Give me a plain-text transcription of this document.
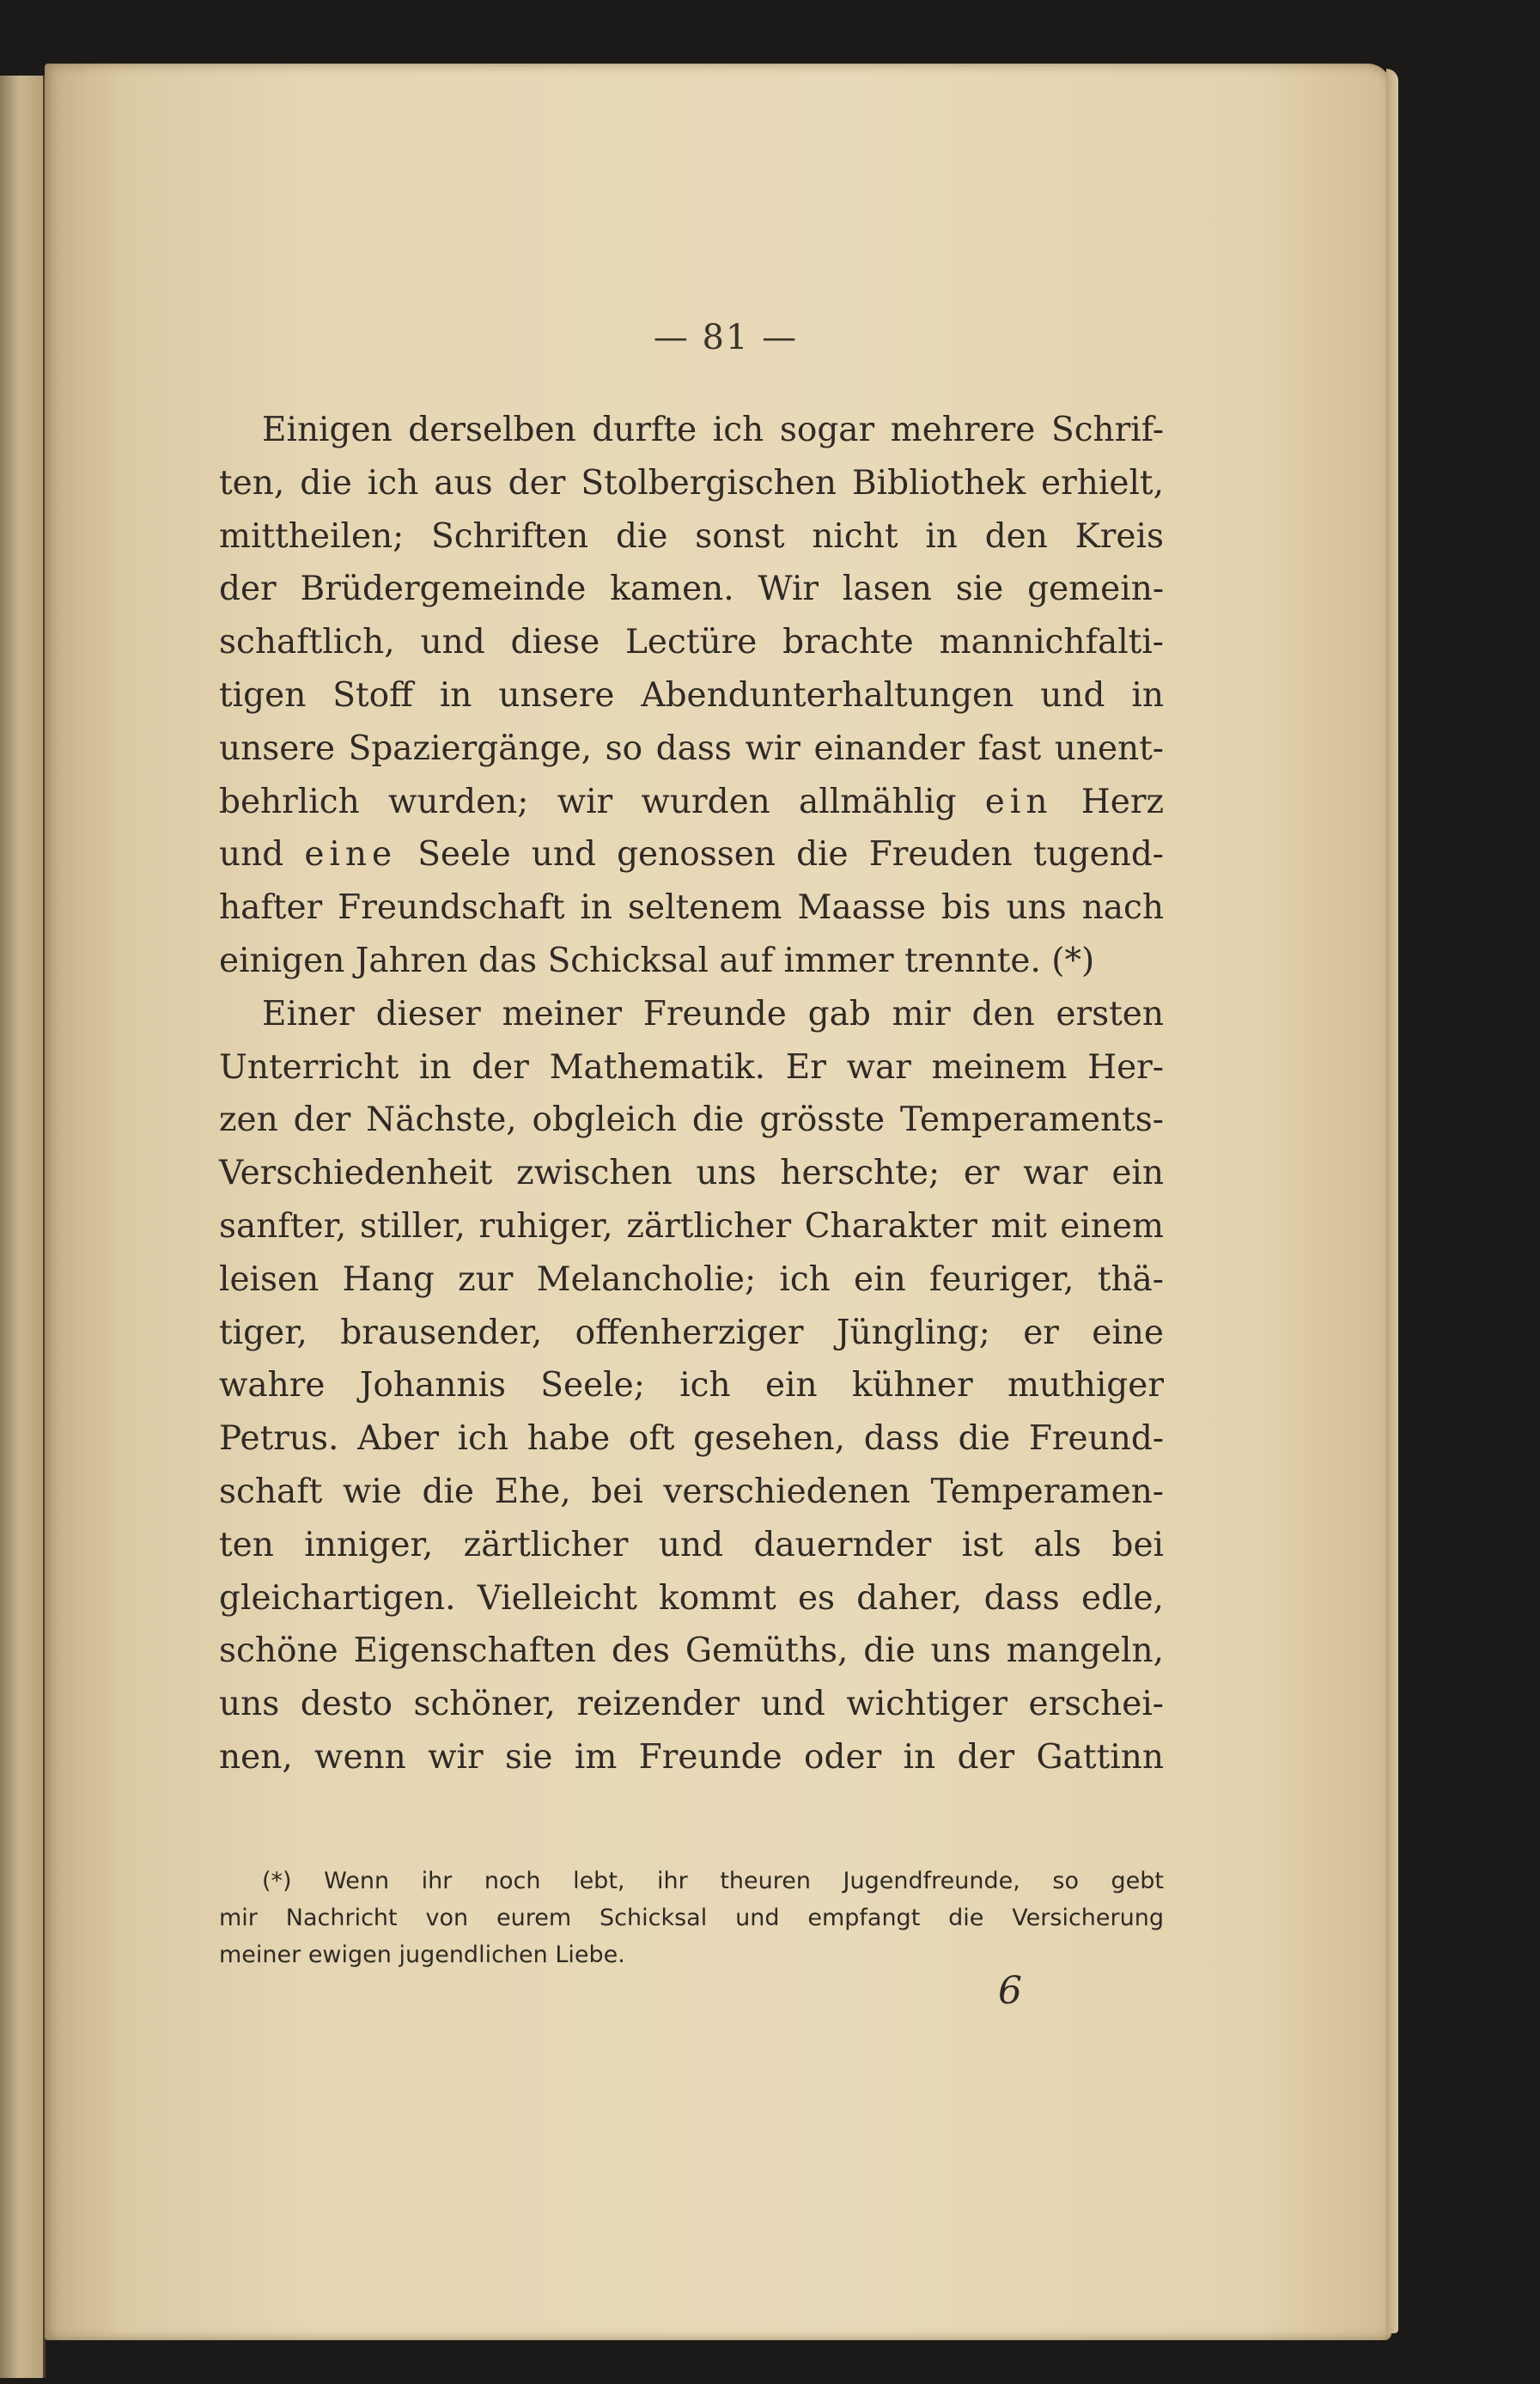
— 81 —
Einigen derselben durfte ich sogar mehrere Schrif-
ten, die ich aus der Stolbergischen Bibliothek erhielt,
mittheilen; Schriften die sonst nicht in den Kreis
der Brüdergemeinde kamen. Wir lasen sie gemein-
schaftlich, und diese Lectüre brachte mannichfalti-
tigen Stoff in unsere Abendunterhaltungen und in
unsere Spaziergänge, so dass wir einander fast unent-
behrlich wurden; wir wurden allmählig ein Herz
und eine Seele und genossen die Freuden tugend-
hafter Freundschaft in seltenem Maasse bis uns nach
einigen Jahren das Schicksal auf immer trennte. (*)
Einer dieser meiner Freunde gab mir den ersten
Unterricht in der Mathematik. Er war meinem Her-
zen der Nächste, obgleich die grösste Temperaments-
Verschiedenheit zwischen uns herschte; er war ein
sanfter, stiller, ruhiger, zärtlicher Charakter mit einem
leisen Hang zur Melancholie; ich ein feuriger, thä-
tiger, brausender, offenherziger Jüngling; er eine
wahre Johannis Seele; ich ein kühner muthiger
Petrus. Aber ich habe oft gesehen, dass die Freund-
schaft wie die Ehe, bei verschiedenen Temperamen-
ten inniger, zärtlicher und dauernder ist als bei
gleichartigen. Vielleicht kommt es daher, dass edle,
schöne Eigenschaften des Gemüths, die uns mangeln,
uns desto schöner, reizender und wichtiger erschei-
nen, wenn wir sie im Freunde oder in der Gattinn
(*) Wenn ihr noch lebt, ihr theuren Jugendfreunde, so gebt
mir Nachricht von eurem Schicksal und empfangt die Versicherung
meiner ewigen jugendlichen Liebe.
6
